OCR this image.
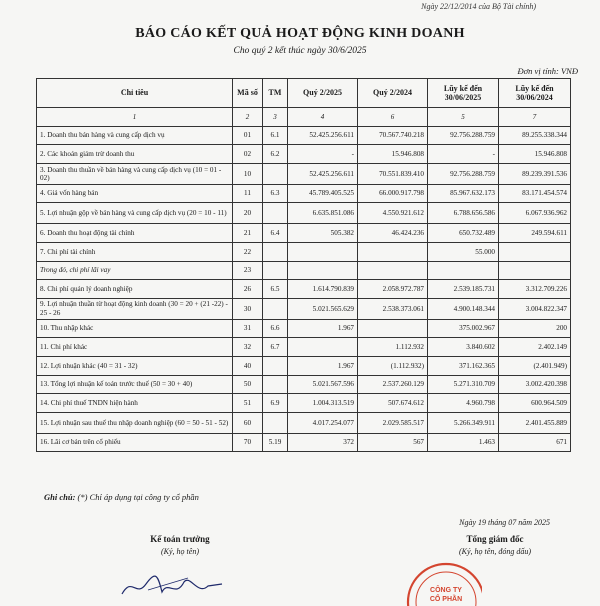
Ngày 22/12/2014 của Bộ Tài chính)
BÁO CÁO KẾT QUẢ HOẠT ĐỘNG KINH DOANH
Cho quý 2 kết thúc ngày 30/6/2025
Đơn vị tính: VNĐ
Chỉ tiêu	Mã số	TM	Quý 2/2025	Quý 2/2024	Lũy kế đến 30/06/2025	Lũy kế đến 30/06/2024
1	2	3	4	6	5	7
1. Doanh thu bán hàng và cung cấp dịch vụ	01	6.1	52.425.256.611	70.567.740.218	92.756.288.759	89.255.338.344
2. Các khoản giảm trừ doanh thu	02	6.2	-	15.946.808	-	15.946.808
3. Doanh thu thuần về bán hàng và cung cấp dịch vụ (10 = 01 - 02)	10		52.425.256.611	70.551.839.410	92.756.288.759	89.239.391.536
4. Giá vốn hàng bán	11	6.3	45.789.405.525	66.000.917.798	85.967.632.173	83.171.454.574
5. Lợi nhuận gộp về bán hàng và cung cấp dịch vụ (20 = 10 - 11)	20		6.635.851.086	4.550.921.612	6.788.656.586	6.067.936.962
6. Doanh thu hoạt động tài chính	21	6.4	505.382	46.424.236	650.732.489	249.594.611
7. Chi phí tài chính	22				55.000	
Trong đó, chi phí lãi vay	23					
8. Chi phí quản lý doanh nghiệp	26	6.5	1.614.790.839	2.058.972.787	2.539.185.731	3.312.709.226
9. Lợi nhuận thuần từ hoạt động kinh doanh (30 = 20 + (21 -22) - 25 - 26	30		5.021.565.629	2.538.373.061	4.900.148.344	3.004.822.347
10. Thu nhập khác	31	6.6	1.967		375.002.967	200
11. Chi phí khác	32	6.7		1.112.932	3.840.602	2.402.149
12. Lợi nhuận khác (40 = 31 - 32)	40		1.967	(1.112.932)	371.162.365	(2.401.949)
13. Tổng lợi nhuận kế toán trước thuế (50 = 30 + 40)	50		5.021.567.596	2.537.260.129	5.271.310.709	3.002.420.398
14. Chi phí thuế TNDN hiện hành	51	6.9	1.004.313.519	507.674.612	4.960.798	600.964.509
15. Lợi nhuận sau thuế thu nhập doanh nghiệp (60 = 50 - 51 - 52)	60		4.017.254.077	2.029.585.517	5.266.349.911	2.401.455.889
16. Lãi cơ bản trên cổ phiếu	70	5.19	372	567	1.463	671
Ghi chú: (*) Chỉ áp dụng tại công ty cổ phần
Ngày 19 tháng 07 năm 2025
Kế toán trưởng
(Ký, họ tên)
Tổng giám đốc
(Ký, họ tên, đóng dấu)
CÔNG TY
CỔ PHẦN
